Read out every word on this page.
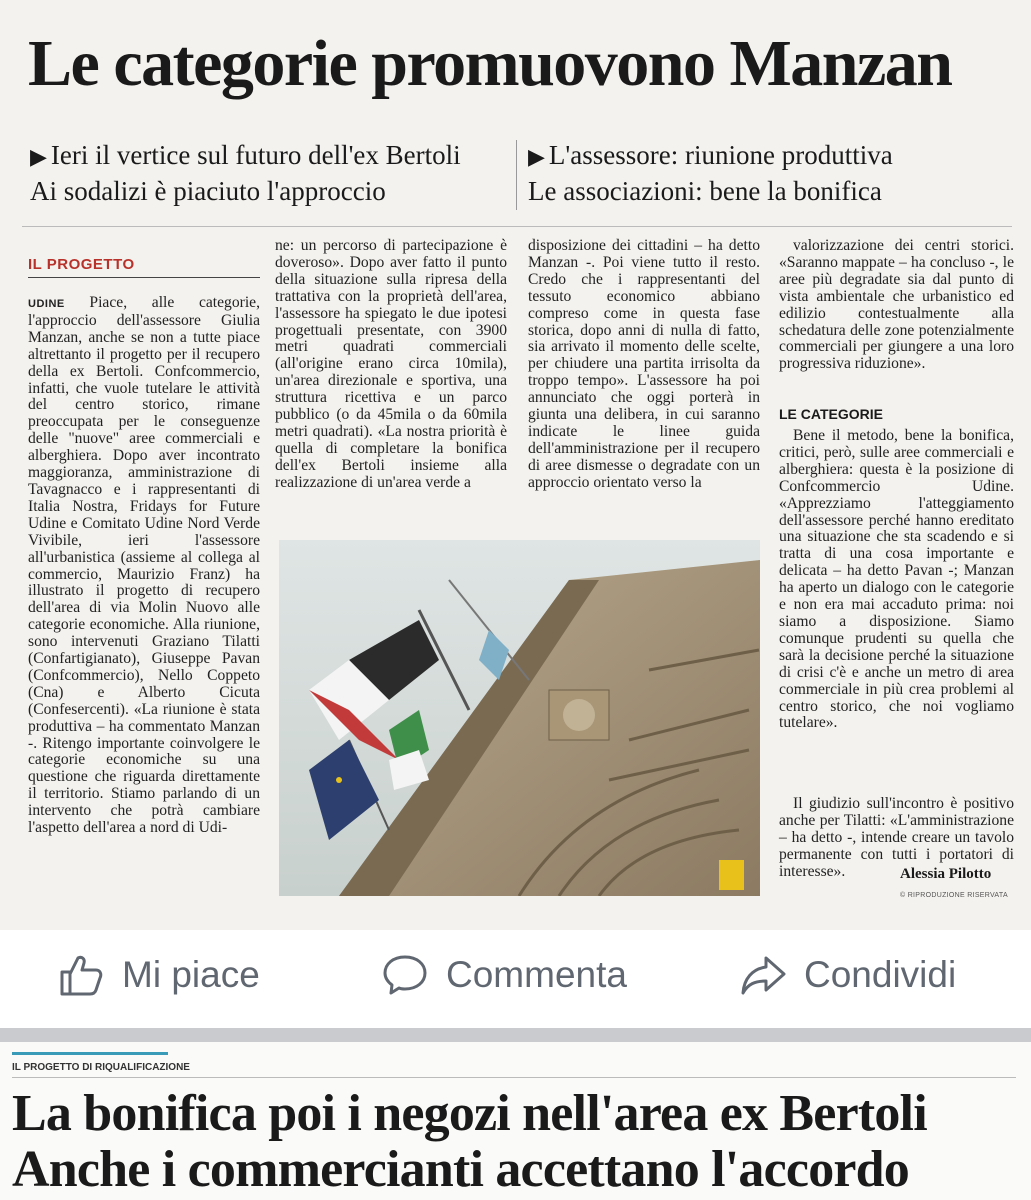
Le categorie promuovono Manzan
▶ Ieri il vertice sul futuro dell'ex Bertoli
Ai sodalizi è piaciuto l'approccio
▶ L'assessore: riunione produttiva
Le associazioni: bene la bonifica
IL PROGETTO

UDINE Piace, alle categorie, l'approccio dell'assessore Giulia Manzan, anche se non a tutte piace altrettanto il progetto per il recupero della ex Bertoli. Confcommercio, infatti, che vuole tutelare le attività del centro storico, rimane preoccupata per le conseguenze delle "nuove" aree commerciali e alberghiera. Dopo aver incontrato maggioranza, amministrazione di Tavagnacco e i rappresentanti di Italia Nostra, Fridays for Future Udine e Comitato Udine Nord Verde Vivibile, ieri l'assessore all'urbanistica (assieme al collega al commercio, Maurizio Franz) ha illustrato il progetto di recupero dell'area di via Molin Nuovo alle categorie economiche. Alla riunione, sono intervenuti Graziano Tilatti (Confartigianato), Giuseppe Pavan (Confcommercio), Nello Coppeto (Cna) e Alberto Cicuta (Confesercenti). «La riunione è stata produttiva – ha commentato Manzan -. Ritengo importante coinvolgere le categorie economiche su una questione che riguarda direttamente il territorio. Stiamo parlando di un intervento che potrà cambiare l'aspetto dell'area a nord di Udi-

ne: un percorso di partecipazione è doveroso». Dopo aver fatto il punto della situazione sulla ripresa della trattativa con la proprietà dell'area, l'assessore ha spiegato le due ipotesi progettuali presentate, con 3900 metri quadrati commerciali (all'origine erano circa 10mila), un'area direzionale e sportiva, una struttura ricettiva e un parco pubblico (o da 45mila o da 60mila metri quadrati). «La nostra priorità è quella di completare la bonifica dell'ex Bertoli insieme alla realizzazione di un'area verde a

disposizione dei cittadini – ha detto Manzan -. Poi viene tutto il resto. Credo che i rappresentanti del tessuto economico abbiano compreso come in questa fase storica, dopo anni di nulla di fatto, sia arrivato il momento delle scelte, per chiudere una partita irrisolta da troppo tempo». L'assessore ha poi annunciato che oggi porterà in giunta una delibera, in cui saranno indicate le linee guida dell'amministrazione per il recupero di aree dismesse o degradate con un approccio orientato verso la

valorizzazione dei centri storici. «Saranno mappate – ha concluso -, le aree più degradate sia dal punto di vista ambientale che urbanistico ed edilizio contestualmente alla schedatura delle zone potenzialmente commerciali per giungere a una loro progressiva riduzione».

LE CATEGORIE

Bene il metodo, bene la bonifica, critici, però, sulle aree commerciali e alberghiera: questa è la posizione di Confcommercio Udine. «Apprezziamo l'atteggiamento dell'assessore perché hanno ereditato una situazione che sta scadendo e si tratta di una cosa importante e delicata – ha detto Pavan -; Manzan ha aperto un dialogo con le categorie e non era mai accaduto prima: noi siamo a disposizione. Siamo comunque prudenti su quella che sarà la decisione perché la situazione di crisi c'è e anche un metro di area commerciale in più crea problemi al centro storico, che noi vogliamo tutelare».

Il giudizio sull'incontro è positivo anche per Tilatti: «L'amministrazione – ha detto -, intende creare un tavolo permanente con tutti i portatori di interesse».	Alessia Pilotto
© RIPRODUZIONE RISERVATA
Mi piace	Commenta	Condividi
IL PROGETTO DI RIQUALIFICAZIONE
La bonifica poi i negozi nell'area ex Bertoli
Anche i commercianti accettano l'accordo
